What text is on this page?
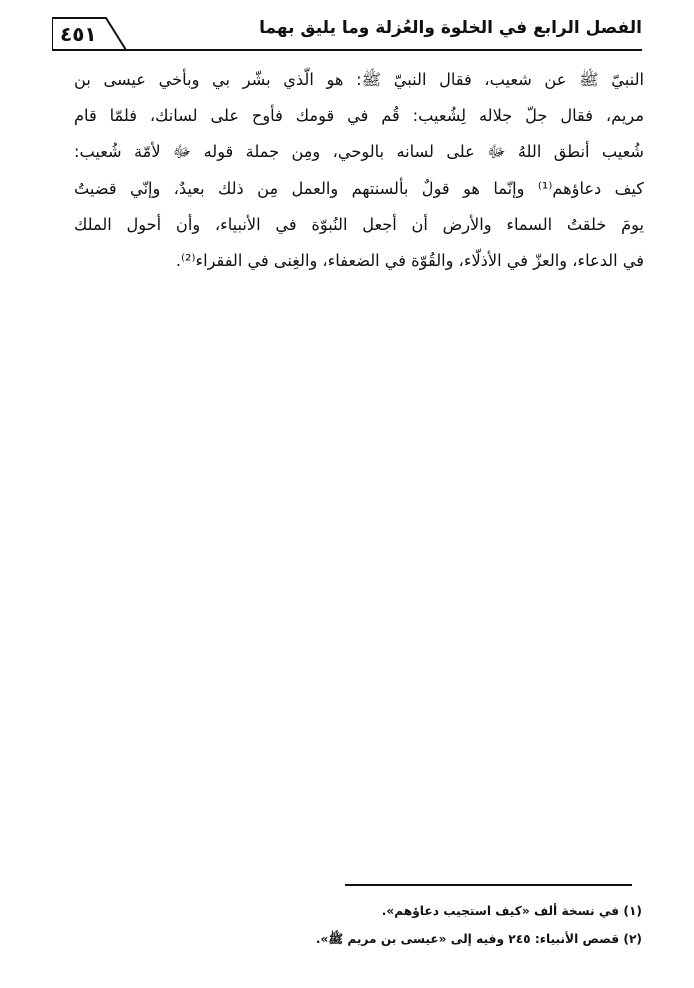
٤٥١	الفصل الرابع في الخلوة والعُزلة وما يليق بهما
النبيّ ﷺ عن شعيب، فقال النبيّ ﷺ: هو الّذي بشّر بي وبأخي عيسى بن
مريم، فقال جلّ جلاله لِشُعيب: قُم في قومك فأوح على لسانك، فلمّا قام
شُعيب أنطق اللهُ ﷻ على لسانه بالوحي، ومِن جملة قوله ﷻ لأمّة شُعيب:
كيف دعاؤهم⁽¹⁾ وإنّما هو قولٌ بألسنتهم والعمل مِن ذلك بعيدٌ، وإنّي قضيتُ
يومَ خلقتُ السماء والأرض أن أجعل النُبوّة في الأنبياء، وأن أحول الملك
في الدعاء، والعزّ في الأذلّاء، والقُوّة في الضعفاء، والغِنى في الفقراء⁽²⁾.
(١) في نسخة ألف «كيف استجيب دعاؤهم».
(٢) قصص الأنبياء: ٢٤٥ وفيه إلى «عيسى بن مريم ﷺ».
